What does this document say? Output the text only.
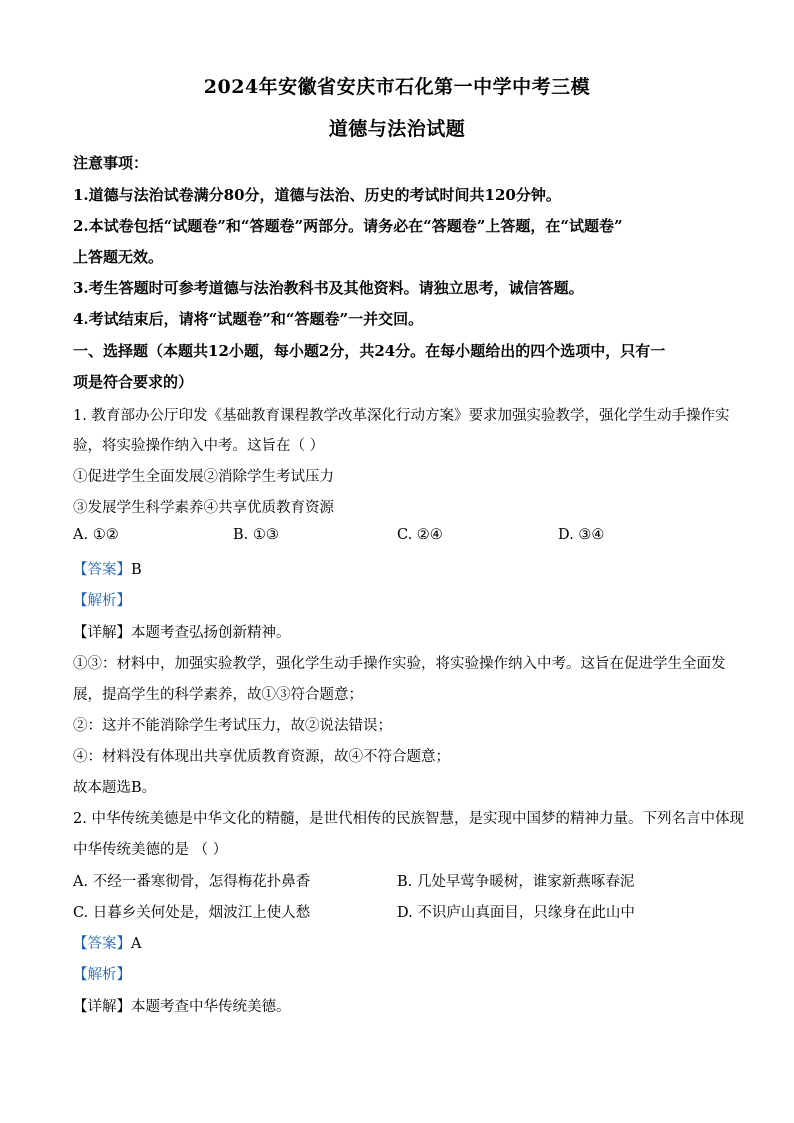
2024年安徽省安庆市石化第一中学中考三模
道德与法治试题
注意事项：
1.道德与法治试卷满分80分，道德与法治、历史的考试时间共120分钟。
2.本试卷包括“试题卷”和“答题卷”两部分。请务必在“答题卷”上答题，在“试题卷”
上答题无效。
3.考生答题时可参考道德与法治教科书及其他资料。请独立思考，诚信答题。
4.考试结束后，请将“试题卷”和“答题卷”一并交回。
一、选择题（本题共12小题，每小题2分，共24分。在每小题给出的四个选项中，只有一
项是符合要求的）
1. 教育部办公厅印发《基础教育课程教学改革深化行动方案》要求加强实验教学，强化学生动手操作实
验，将实验操作纳入中考。这旨在（ ）
①促进学生全面发展②消除学生考试压力
③发展学生科学素养④共享优质教育资源
A. ①②	B. ①③	C. ②④	D. ③④
【答案】B
【解析】
【详解】本题考查弘扬创新精神。
①③：材料中，加强实验教学，强化学生动手操作实验，将实验操作纳入中考。这旨在促进学生全面发
展，提高学生的科学素养，故①③符合题意；
②：这并不能消除学生考试压力，故②说法错误；
④：材料没有体现出共享优质教育资源，故④不符合题意；
故本题选B。
2. 中华传统美德是中华文化的精髓，是世代相传的民族智慧，是实现中国梦的精神力量。下列名言中体现
中华传统美德的是 （ ）
A. 不经一番寒彻骨，怎得梅花扑鼻香	B. 几处早莺争暖树，谁家新燕啄春泥
C. 日暮乡关何处是，烟波江上使人愁	D. 不识庐山真面目，只缘身在此山中
【答案】A
【解析】
【详解】本题考查中华传统美德。
